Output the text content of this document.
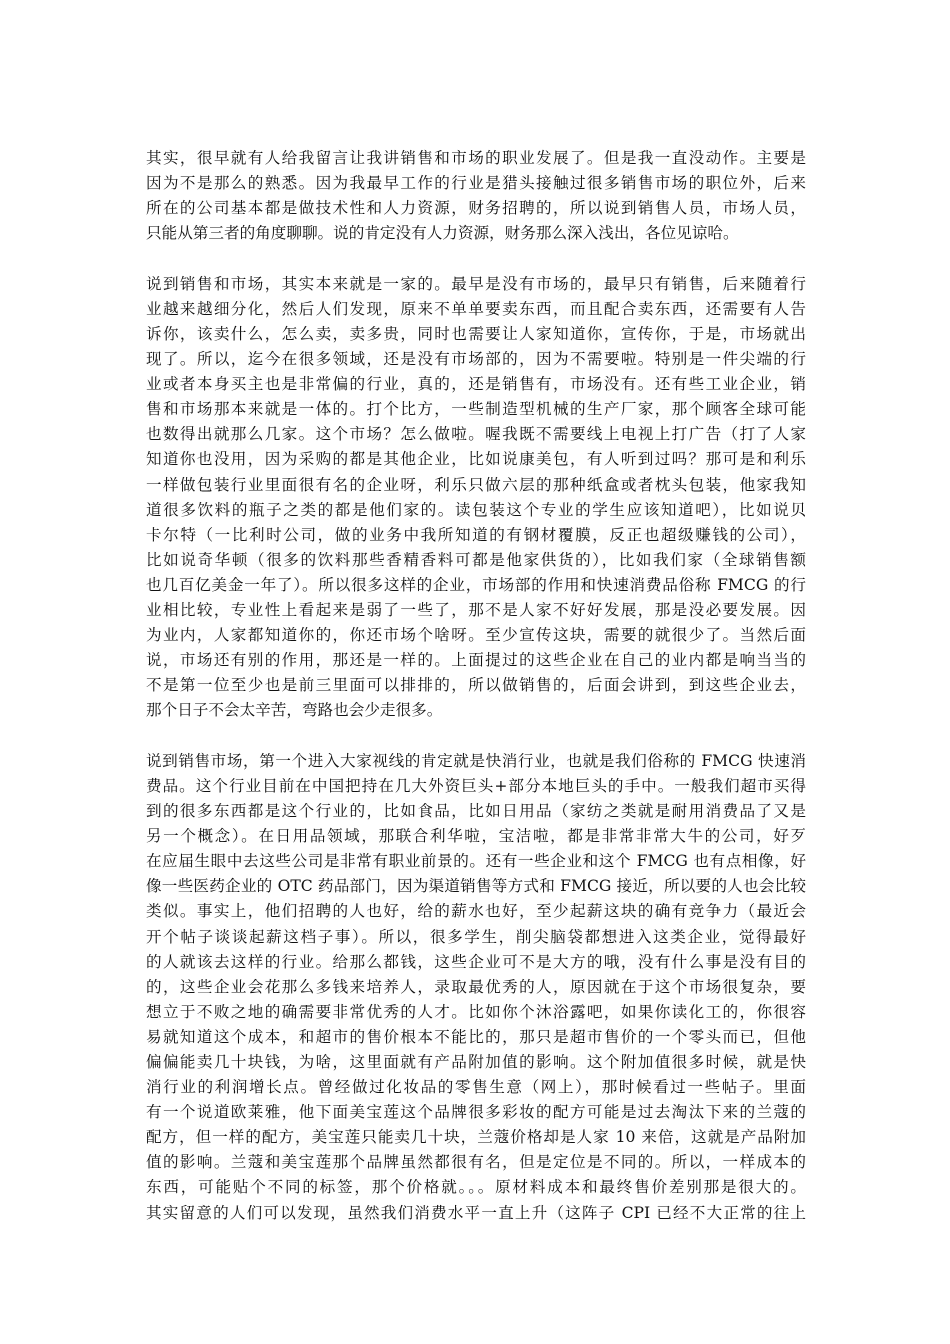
其实，很早就有人给我留言让我讲销售和市场的职业发展了。但是我一直没动作。主要是
因为不是那么的熟悉。因为我最早工作的行业是猎头接触过很多销售市场的职位外，后来
所在的公司基本都是做技术性和人力资源，财务招聘的，所以说到销售人员，市场人员，
只能从第三者的角度聊聊。说的肯定没有人力资源，财务那么深入浅出，各位见谅哈。
说到销售和市场，其实本来就是一家的。最早是没有市场的，最早只有销售，后来随着行
业越来越细分化，然后人们发现，原来不单单要卖东西，而且配合卖东西，还需要有人告
诉你，该卖什么，怎么卖，卖多贵，同时也需要让人家知道你，宣传你，于是，市场就出
现了。所以，迄今在很多领域，还是没有市场部的，因为不需要啦。特别是一件尖端的行
业或者本身买主也是非常偏的行业，真的，还是销售有，市场没有。还有些工业企业，销
售和市场那本来就是一体的。打个比方，一些制造型机械的生产厂家，那个顾客全球可能
也数得出就那么几家。这个市场？怎么做啦。喔我既不需要线上电视上打广告（打了人家
知道你也没用，因为采购的都是其他企业，比如说康美包，有人听到过吗？那可是和利乐
一样做包装行业里面很有名的企业呀，利乐只做六层的那种纸盒或者枕头包装，他家我知
道很多饮料的瓶子之类的都是他们家的。读包装这个专业的学生应该知道吧），比如说贝
卡尔特（一比利时公司，做的业务中我所知道的有钢材覆膜，反正也超级赚钱的公司），
比如说奇华顿（很多的饮料那些香精香料可都是他家供货的），比如我们家（全球销售额
也几百亿美金一年了）。所以很多这样的企业，市场部的作用和快速消费品俗称 FMCG 的行
业相比较，专业性上看起来是弱了一些了，那不是人家不好好发展，那是没必要发展。因
为业内，人家都知道你的，你还市场个啥呀。至少宣传这块，需要的就很少了。当然后面
说，市场还有别的作用，那还是一样的。上面提过的这些企业在自己的业内都是响当当的
不是第一位至少也是前三里面可以排排的，所以做销售的，后面会讲到，到这些企业去，
那个日子不会太辛苦，弯路也会少走很多。
说到销售市场，第一个进入大家视线的肯定就是快消行业，也就是我们俗称的 FMCG 快速消
费品。这个行业目前在中国把持在几大外资巨头+部分本地巨头的手中。一般我们超市买得
到的很多东西都是这个行业的，比如食品，比如日用品（家纺之类就是耐用消费品了又是
另一个概念）。在日用品领域，那联合利华啦，宝洁啦，都是非常非常大牛的公司，好歹
在应届生眼中去这些公司是非常有职业前景的。还有一些企业和这个 FMCG 也有点相像，好
像一些医药企业的 OTC 药品部门，因为渠道销售等方式和 FMCG 接近，所以要的人也会比较
类似。事实上，他们招聘的人也好，给的薪水也好，至少起薪这块的确有竞争力（最近会
开个帖子谈谈起薪这档子事）。所以，很多学生，削尖脑袋都想进入这类企业，觉得最好
的人就该去这样的行业。给那么都钱，这些企业可不是大方的哦，没有什么事是没有目的
的，这些企业会花那么多钱来培养人，录取最优秀的人，原因就在于这个市场很复杂，要
想立于不败之地的确需要非常优秀的人才。比如你个沐浴露吧，如果你读化工的，你很容
易就知道这个成本，和超市的售价根本不能比的，那只是超市售价的一个零头而已，但他
偏偏能卖几十块钱，为啥，这里面就有产品附加值的影响。这个附加值很多时候，就是快
消行业的利润增长点。曾经做过化妆品的零售生意（网上），那时候看过一些帖子。里面
有一个说道欧莱雅，他下面美宝莲这个品牌很多彩妆的配方可能是过去淘汰下来的兰蔻的
配方，但一样的配方，美宝莲只能卖几十块，兰蔻价格却是人家 10 来倍，这就是产品附加
值的影响。兰蔻和美宝莲那个品牌虽然都很有名，但是定位是不同的。所以，一样成本的
东西，可能贴个不同的标签，那个价格就。。。原材料成本和最终售价差别那是很大的。
其实留意的人们可以发现，虽然我们消费水平一直上升（这阵子 CPI 已经不大正常的往上
